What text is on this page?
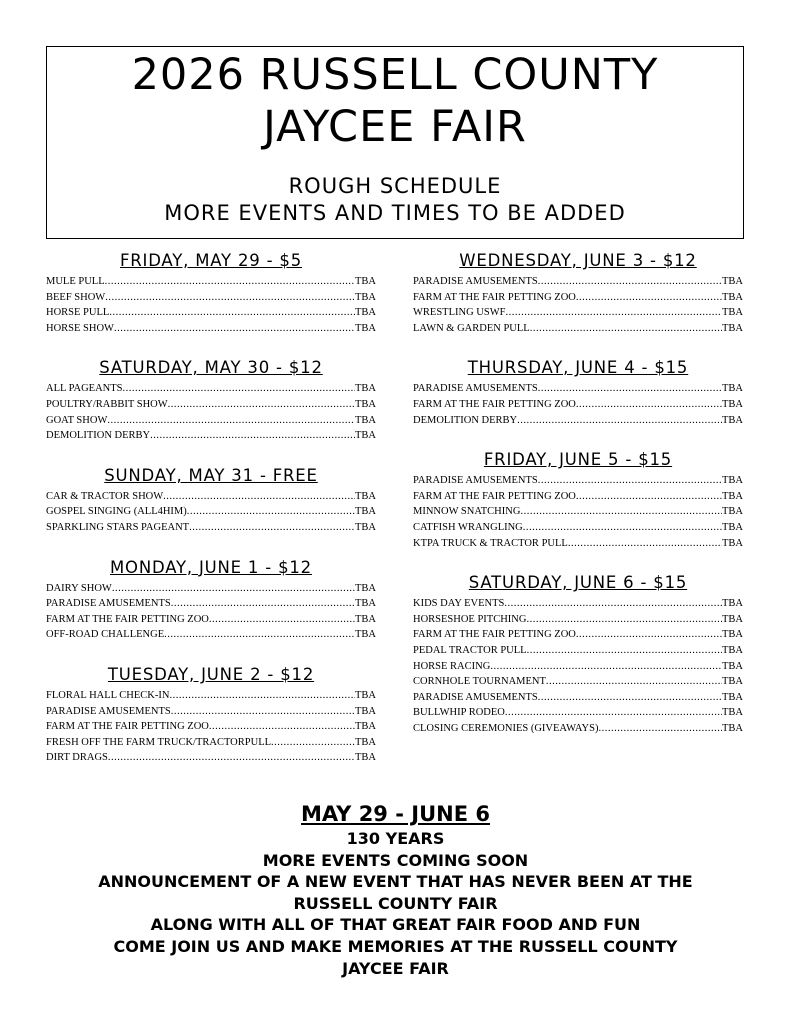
2026 RUSSELL COUNTY
JAYCEE FAIR
ROUGH SCHEDULE
MORE EVENTS AND TIMES TO BE ADDED
FRIDAY, MAY 29 - $5
MULE PULL .....	TBA
BEEF SHOW .....	TBA
HORSE PULL .....	TBA
HORSE SHOW .....	TBA
SATURDAY, MAY 30 - $12
ALL PAGEANTS .....	TBA
POULTRY/RABBIT SHOW .....	TBA
GOAT SHOW .....	TBA
DEMOLITION DERBY .....	TBA
SUNDAY, MAY 31 - FREE
CAR & TRACTOR SHOW .....	TBA
GOSPEL SINGING (ALL4HIM) .....	TBA
SPARKLING STARS PAGEANT .....	TBA
MONDAY, JUNE 1 - $12
DAIRY SHOW .....	TBA
PARADISE AMUSEMENTS .....	TBA
FARM AT THE FAIR PETTING ZOO .....	TBA
OFF-ROAD CHALLENGE .....	TBA
TUESDAY, JUNE 2 - $12
FLORAL HALL CHECK-IN .....	TBA
PARADISE AMUSEMENTS .....	TBA
FARM AT THE FAIR PETTING ZOO .....	TBA
FRESH OFF THE FARM TRUCK/TRACTORPULL .....	TBA
DIRT DRAGS .....	TBA
WEDNESDAY, JUNE 3 - $12
PARADISE AMUSEMENTS .....	TBA
FARM AT THE FAIR PETTING ZOO .....	TBA
WRESTLING USWF .....	TBA
LAWN & GARDEN PULL .....	TBA
THURSDAY, JUNE 4 - $15
PARADISE AMUSEMENTS .....	TBA
FARM AT THE FAIR PETTING ZOO .....	TBA
DEMOLITION DERBY .....	TBA
FRIDAY, JUNE 5 - $15
PARADISE AMUSEMENTS .....	TBA
FARM AT THE FAIR PETTING ZOO .....	TBA
MINNOW SNATCHING .....	TBA
CATFISH WRANGLING .....	TBA
KTPA TRUCK & TRACTOR PULL .....	TBA
SATURDAY, JUNE 6 - $15
KIDS DAY EVENTS .....	TBA
HORSESHOE PITCHING .....	TBA
FARM AT THE FAIR PETTING ZOO .....	TBA
PEDAL TRACTOR PULL .....	TBA
HORSE RACING .....	TBA
CORNHOLE TOURNAMENT .....	TBA
PARADISE AMUSEMENTS .....	TBA
BULLWHIP RODEO .....	TBA
CLOSING CEREMONIES (GIVEAWAYS) .....	TBA
MAY 29 - JUNE 6
130 YEARS
MORE EVENTS COMING SOON
ANNOUNCEMENT OF A NEW EVENT THAT HAS NEVER BEEN AT THE
RUSSELL COUNTY FAIR
ALONG WITH ALL OF THAT GREAT FAIR FOOD AND FUN
COME JOIN US AND MAKE MEMORIES AT THE RUSSELL COUNTY
JAYCEE FAIR
